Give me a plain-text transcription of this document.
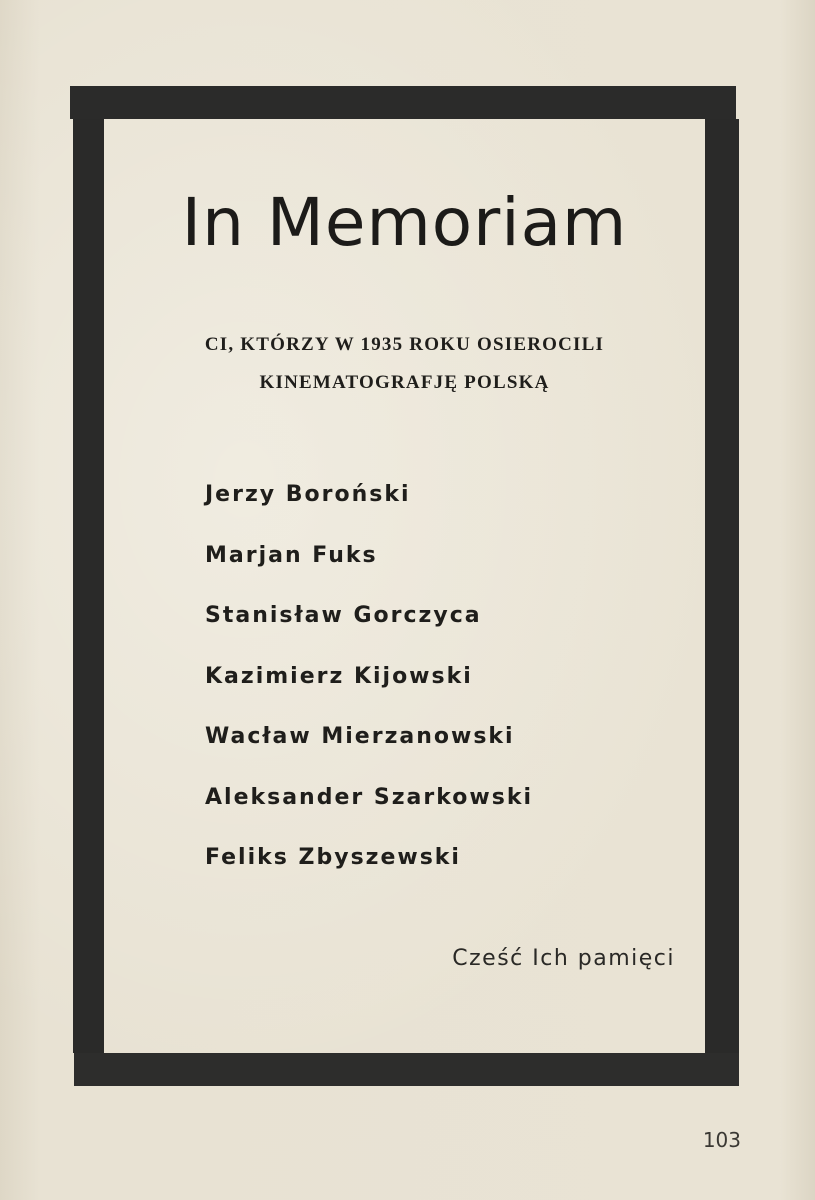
In Memoriam
CI, KTÓRZY W 1935 ROKU OSIEROCILI
KINEMATOGRAFJĘ POLSKĄ
Jerzy Boroński
Marjan Fuks
Stanisław Gorczyca
Kazimierz Kijowski
Wacław Mierzanowski
Aleksander Szarkowski
Feliks Zbyszewski
Cześć Ich pamięci
103
